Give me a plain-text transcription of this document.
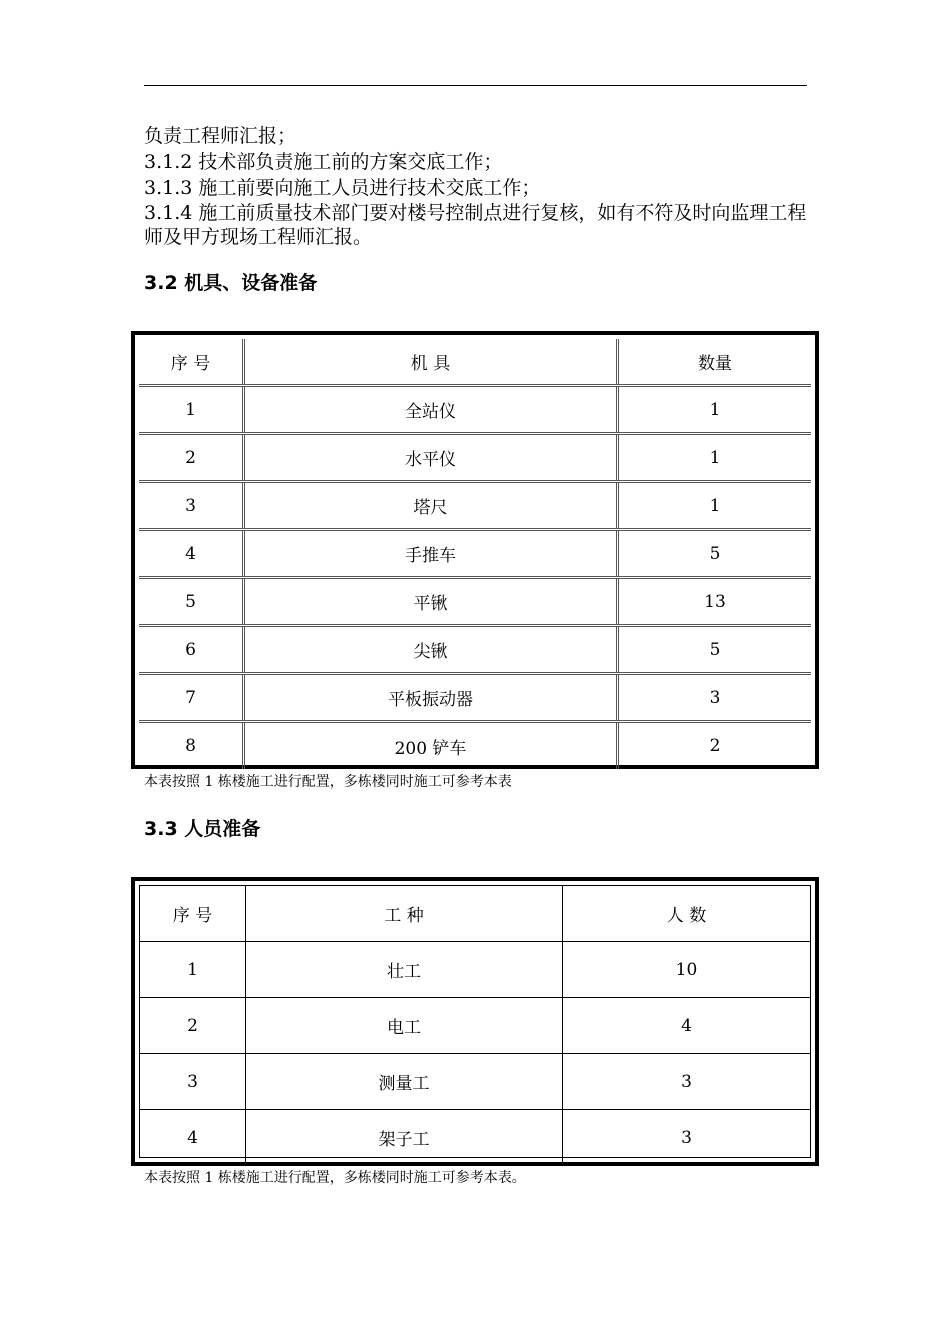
负责工程师汇报；
3.1.2 技术部负责施工前的方案交底工作；
3.1.3 施工前要向施工人员进行技术交底工作；
3.1.4 施工前质量技术部门要对楼号控制点进行复核，如有不符及时向监理工程师及甲方现场工程师汇报。
3.2 机具、设备准备
序 号	机 具	数量
1	全站仪	1
2	水平仪	1
3	塔尺	1
4	手推车	5
5	平锹	13
6	尖锹	5
7	平板振动器	3
8	200 铲车	2
本表按照 1 栋楼施工进行配置，多栋楼同时施工可参考本表
3.3 人员准备
序 号	工 种	人 数
1	壮工	10
2	电工	4
3	测量工	3
4	架子工	3
本表按照 1 栋楼施工进行配置，多栋楼同时施工可参考本表。
